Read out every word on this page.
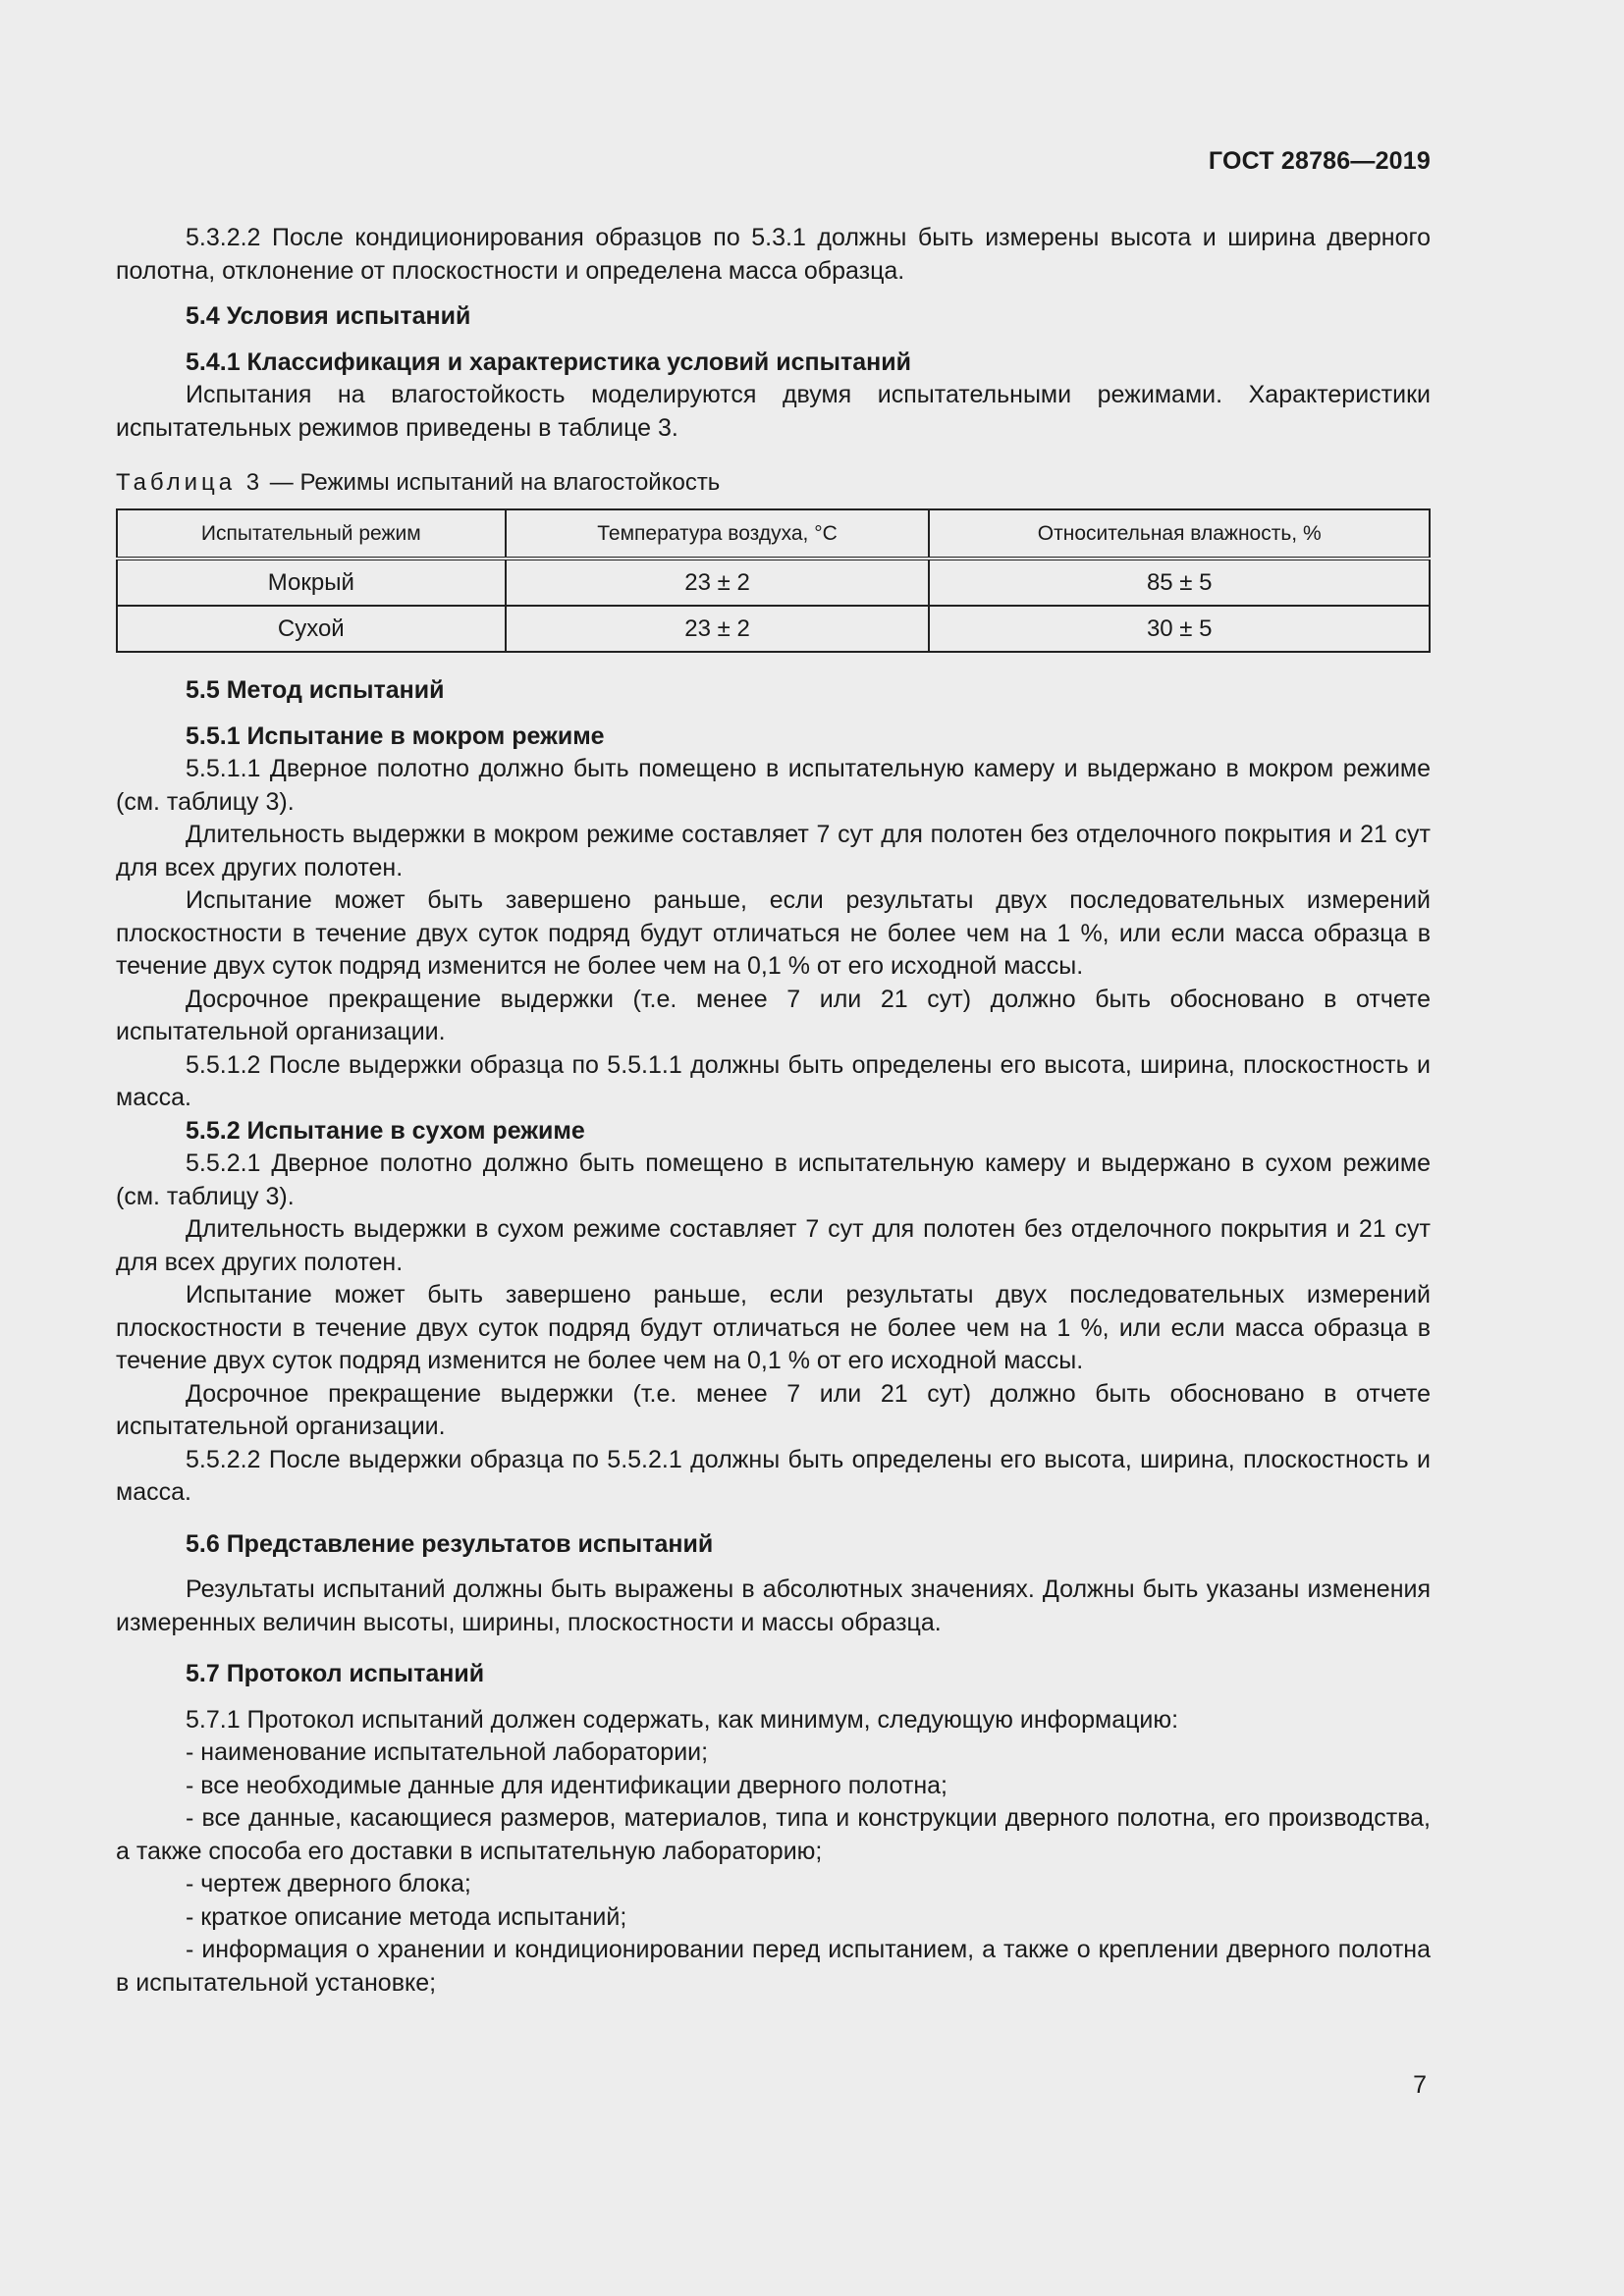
ГОСТ 28786—2019

5.3.2.2 После кондиционирования образцов по 5.3.1 должны быть измерены высота и ширина дверного полотна, отклонение от плоскостности и определена масса образца.

5.4 Условия испытаний

5.4.1 Классификация и характеристика условий испытаний

Испытания на влагостойкость моделируются двумя испытательными режимами. Характеристики испытательных режимов приведены в таблице 3.

Таблица 3 — Режимы испытаний на влагостойкость

Испытательный режим	Температура воздуха, °С	Относительная влажность, %
Мокрый	23 ± 2	85 ± 5
Сухой	23 ± 2	30 ± 5

5.5 Метод испытаний

5.5.1 Испытание в мокром режиме

5.5.1.1 Дверное полотно должно быть помещено в испытательную камеру и выдержано в мокром режиме (см. таблицу 3).

Длительность выдержки в мокром режиме составляет 7 сут для полотен без отделочного покрытия и 21 сут для всех других полотен.

Испытание может быть завершено раньше, если результаты двух последовательных измерений плоскостности в течение двух суток подряд будут отличаться не более чем на 1 %, или если масса образца в течение двух суток подряд изменится не более чем на 0,1 % от его исходной массы.

Досрочное прекращение выдержки (т.е. менее 7 или 21 сут) должно быть обосновано в отчете испытательной организации.

5.5.1.2 После выдержки образца по 5.5.1.1 должны быть определены его высота, ширина, плоскостность и масса.

5.5.2 Испытание в сухом режиме

5.5.2.1 Дверное полотно должно быть помещено в испытательную камеру и выдержано в сухом режиме (см. таблицу 3).

Длительность выдержки в сухом режиме составляет 7 сут для полотен без отделочного покрытия и 21 сут для всех других полотен.

Испытание может быть завершено раньше, если результаты двух последовательных измерений плоскостности в течение двух суток подряд будут отличаться не более чем на 1 %, или если масса образца в течение двух суток подряд изменится не более чем на 0,1 % от его исходной массы.

Досрочное прекращение выдержки (т.е. менее 7 или 21 сут) должно быть обосновано в отчете испытательной организации.

5.5.2.2 После выдержки образца по 5.5.2.1 должны быть определены его высота, ширина, плоскостность и масса.

5.6 Представление результатов испытаний

Результаты испытаний должны быть выражены в абсолютных значениях. Должны быть указаны изменения измеренных величин высоты, ширины, плоскостности и массы образца.

5.7 Протокол испытаний

5.7.1 Протокол испытаний должен содержать, как минимум, следующую информацию:

- наименование испытательной лаборатории;

- все необходимые данные для идентификации дверного полотна;

- все данные, касающиеся размеров, материалов, типа и конструкции дверного полотна, его производства, а также способа его доставки в испытательную лабораторию;

- чертеж дверного блока;

- краткое описание метода испытаний;

- информация о хранении и кондиционировании перед испытанием, а также о креплении дверного полотна в испытательной установке;

7
